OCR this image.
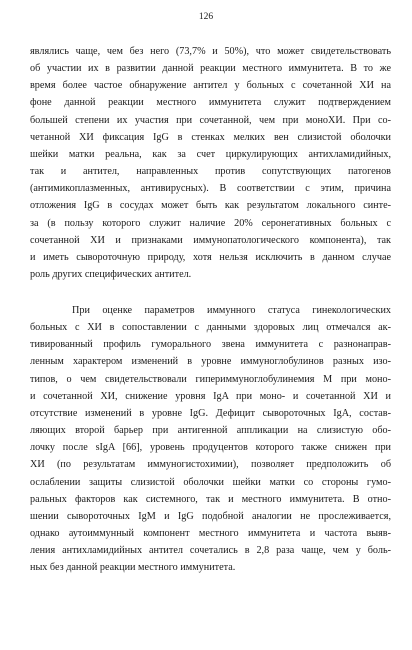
126
являлись чаще, чем без него (73,7% и 50%), что может свидетельствовать
об участии их в развитии данной реакции местного иммунитета. В то же
время более частое обнаружение антител у больных с сочетанной ХИ на
фоне данной реакции местного иммунитета служит подтверждением
большей степени их участия при сочетанной, чем при моноХИ. При со-
четанной ХИ фиксация IgG в стенках мелких вен слизистой оболочки
шейки матки реальна, как за счет циркулирующих антихламидийных,
так и антител, направленных против сопутствующих патогенов
(антимикоплазменных, антивирусных). В соответствии с этим, причина
отложения IgG в сосудах может быть как результатом локального синте-
за (в пользу которого служит наличие 20% серонегативных больных с
сочетанной ХИ и признаками иммунопатологического компонента), так
и иметь сывороточную природу, хотя нельзя исключить в данном случае
роль других специфических антител.
При оценке параметров иммунного статуса гинекологических
больных с ХИ в сопоставлении с данными здоровых лиц отмечался ак-
тивированный профиль гуморального звена иммунитета с разнонаправ-
ленным характером изменений в уровне иммуноглобулинов разных изо-
типов, о чем свидетельствовали гипериммуноглобулинемия М при моно-
и сочетанной ХИ, снижение уровня IgA при моно- и сочетанной ХИ и
отсутствие изменений в уровне IgG. Дефицит сывороточных IgA, состав-
ляющих второй барьер при антигенной аппликации на слизистую обо-
лочку после sIgA [66], уровень продуцентов которого также снижен при
ХИ (по результатам иммуногистохимии), позволяет предположить об
ослаблении защиты слизистой оболочки шейки матки со стороны гумо-
ральных факторов как системного, так и местного иммунитета. В отно-
шении сывороточных IgM и IgG подобной аналогии не прослеживается,
однако аутоиммунный компонент местного иммунитета и частота выяв-
ления антихламидийных антител сочетались в 2,8 раза чаще, чем у боль-
ных без данной реакции местного иммунитета.
